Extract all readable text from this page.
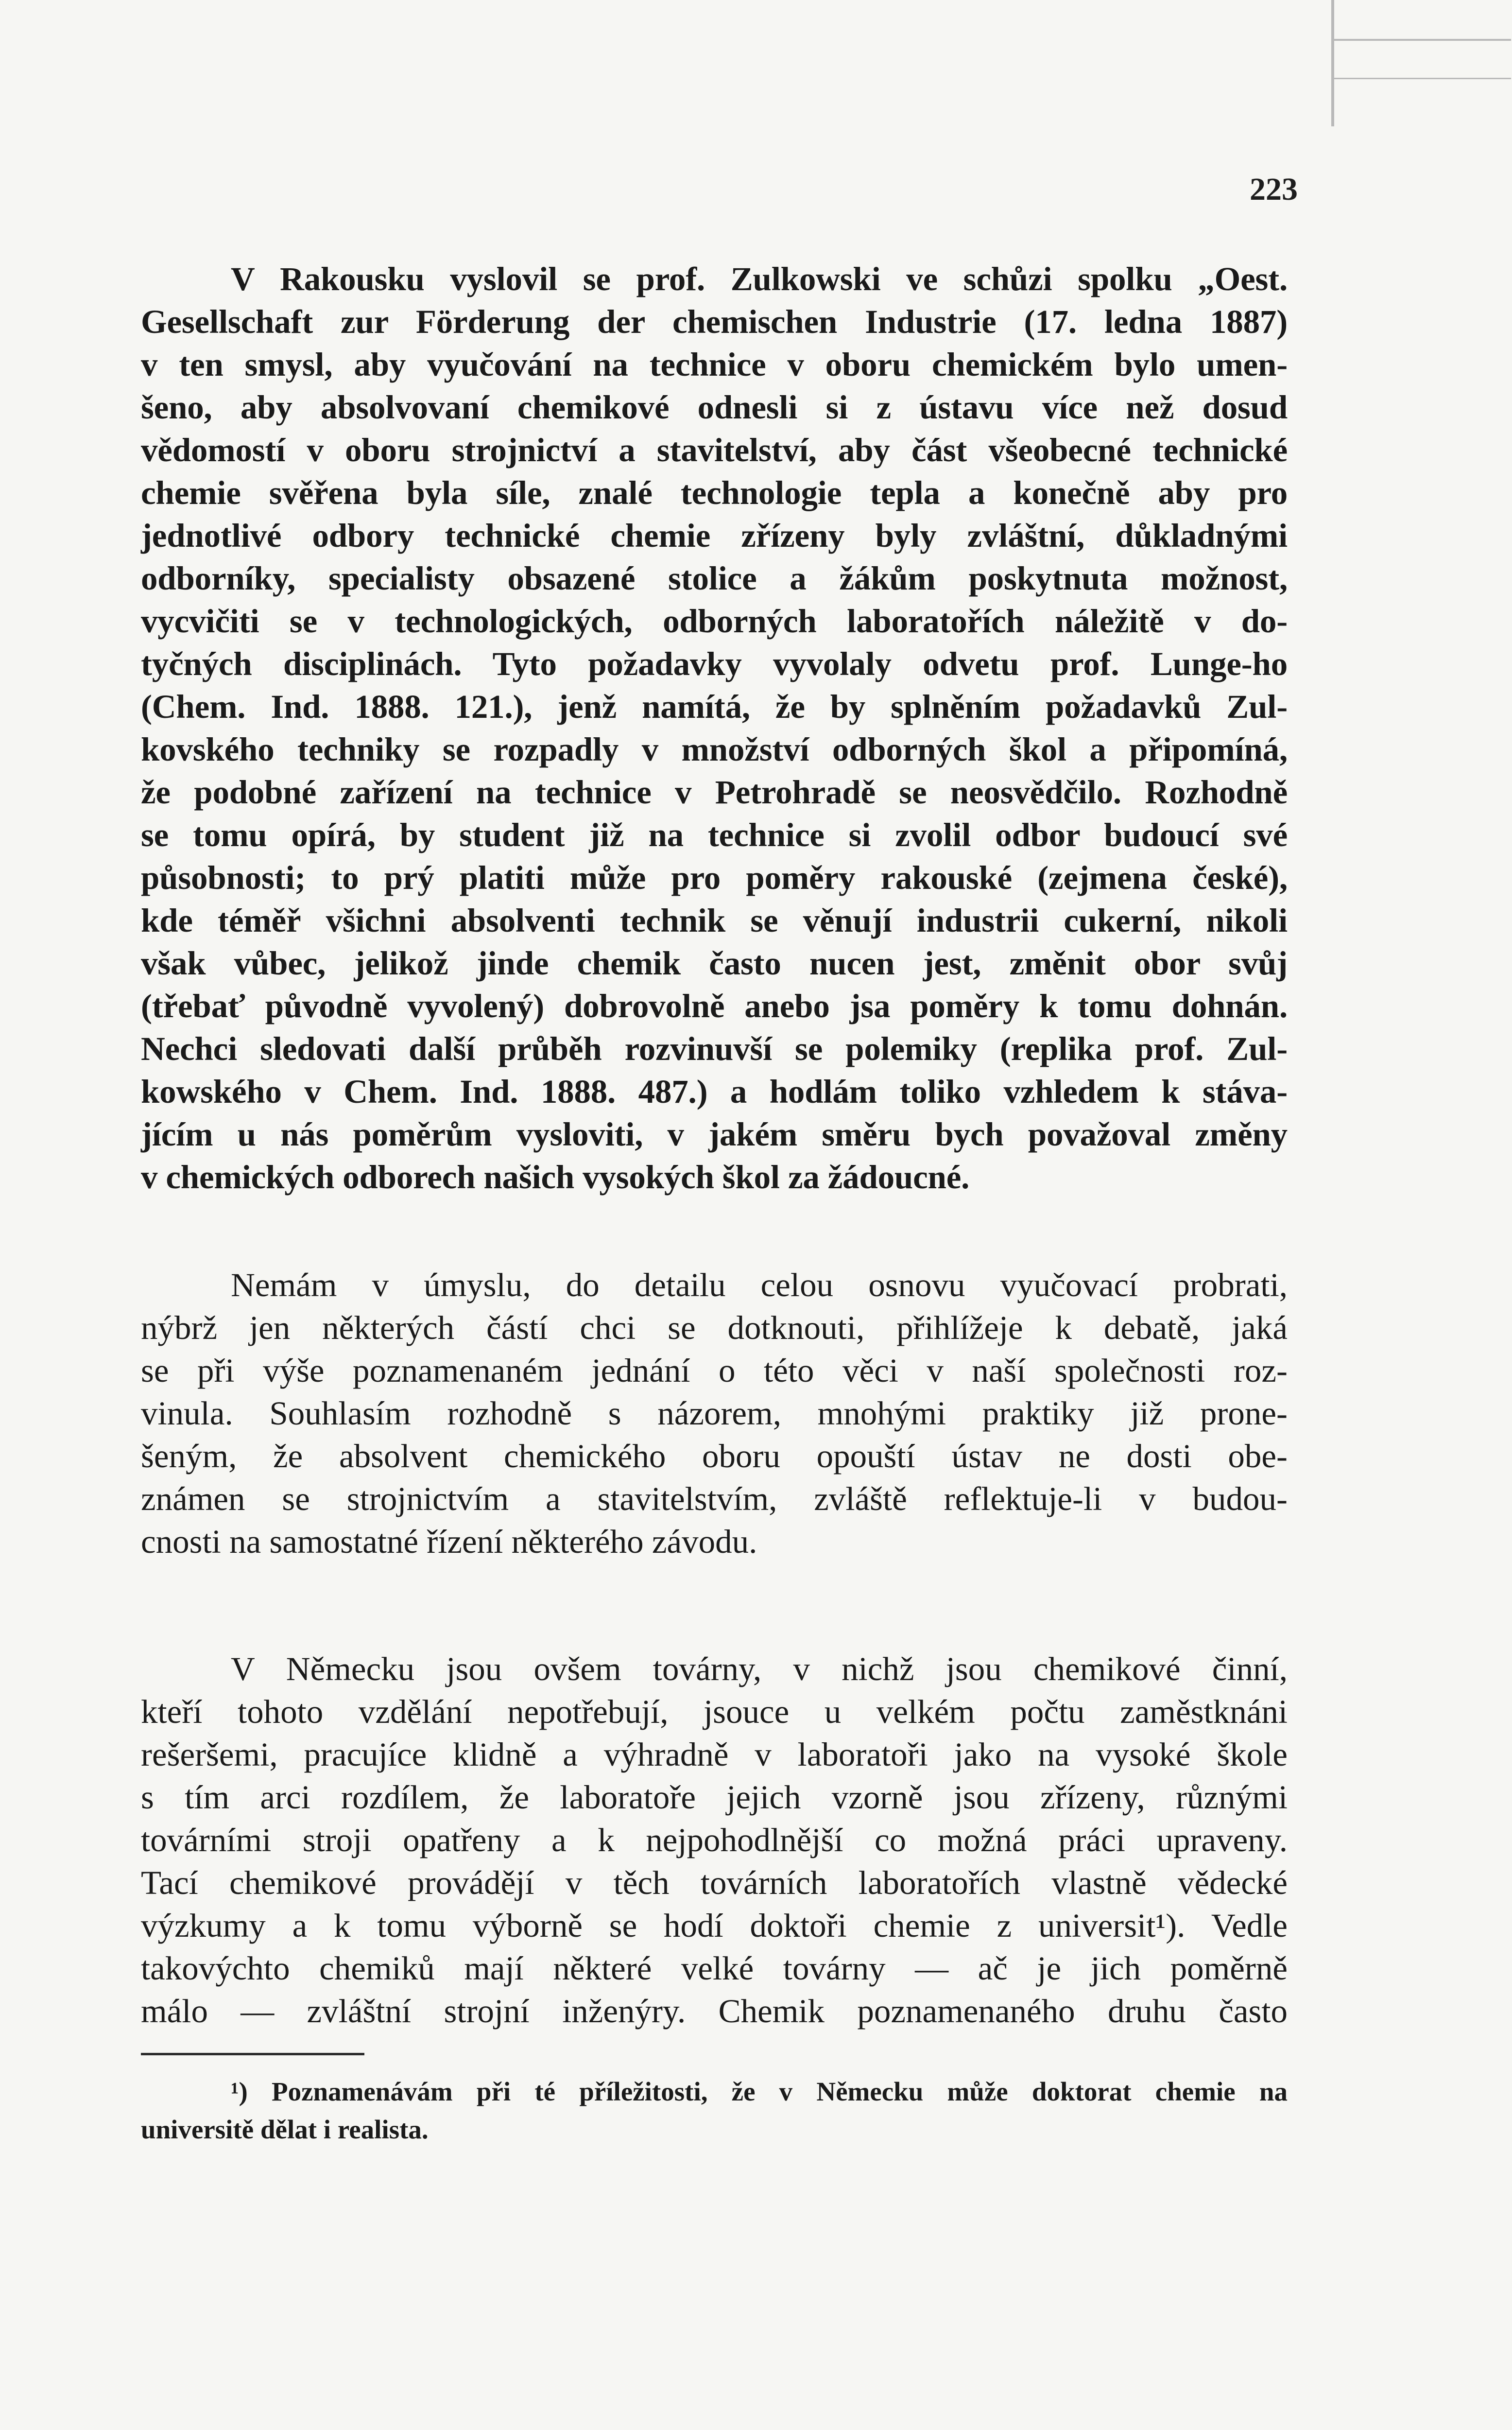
223
V Rakousku vyslovil se prof. Zulkowski ve schůzi spolku „Oest.
Gesellschaft zur Förderung der chemischen Industrie (17. ledna 1887)
v ten smysl, aby vyučování na technice v oboru chemickém bylo umen-
šeno, aby absolvovaní chemikové odnesli si z ústavu více než dosud
vědomostí v oboru strojnictví a stavitelství, aby část všeobecné technické
chemie svěřena byla síle, znalé technologie tepla a konečně aby pro
jednotlivé odbory technické chemie zřízeny byly zvláštní, důkladnými
odborníky, specialisty obsazené stolice a žákům poskytnuta možnost,
vycvičiti se v technologických, odborných laboratořích náležitě v do-
tyčných disciplinách. Tyto požadavky vyvolaly odvetu prof. Lunge-ho
(Chem. Ind. 1888. 121.), jenž namítá, že by splněním požadavků Zul-
kovského techniky se rozpadly v množství odborných škol a připomíná,
že podobné zařízení na technice v Petrohradě se neosvědčilo. Rozhodně
se tomu opírá, by student již na technice si zvolil odbor budoucí své
působnosti; to prý platiti může pro poměry rakouské (zejmena české),
kde téměř všichni absolventi technik se věnují industrii cukerní, nikoli
však vůbec, jelikož jinde chemik často nucen jest, změnit obor svůj
(třebať původně vyvolený) dobrovolně anebo jsa poměry k tomu dohnán.
Nechci sledovati další průběh rozvinuvší se polemiky (replika prof. Zul-
kowského v Chem. Ind. 1888. 487.) a hodlám toliko vzhledem k stáva-
jícím u nás poměrům vysloviti, v jakém směru bych považoval změny
v chemických odborech našich vysokých škol za žádoucné.
Nemám v úmyslu, do detailu celou osnovu vyučovací probrati,
nýbrž jen některých částí chci se dotknouti, přihlížeje k debatě, jaká
se při výše poznamenaném jednání o této věci v naší společnosti roz-
vinula. Souhlasím rozhodně s názorem, mnohými praktiky již prone-
šeným, že absolvent chemického oboru opouští ústav ne dosti obe-
známen se strojnictvím a stavitelstvím, zvláště reflektuje-li v budou-
cnosti na samostatné řízení některého závodu.
V Německu jsou ovšem továrny, v nichž jsou chemikové činní,
kteří tohoto vzdělání nepotřebují, jsouce u velkém počtu zaměstknáni
rešeršemi, pracujíce klidně a výhradně v laboratoři jako na vysoké škole
s tím arci rozdílem, že laboratoře jejich vzorně jsou zřízeny, různými
továrními stroji opatřeny a k nejpohodlnější co možná práci upraveny.
Tací chemikové provádějí v těch továrních laboratořích vlastně vědecké
výzkumy a k tomu výborně se hodí doktoři chemie z universit¹). Vedle
takovýchto chemiků mají některé velké továrny — ač je jich poměrně
málo — zvláštní strojní inženýry. Chemik poznamenaného druhu často
¹) Poznamenávám při té příležitosti, že v Německu může doktorat chemie na
universitě dělat i realista.
